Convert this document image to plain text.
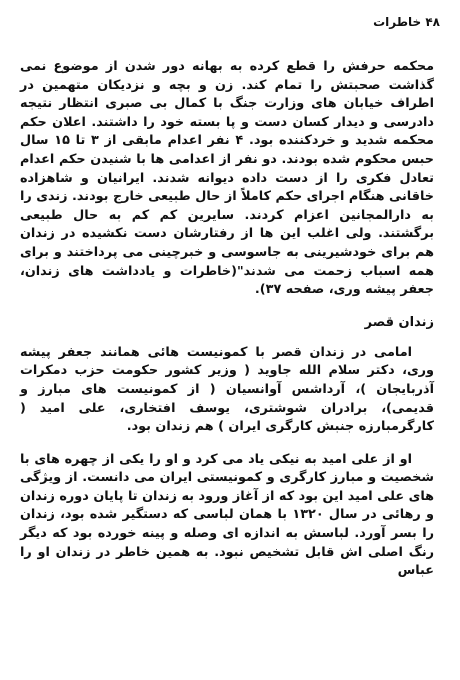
۴۸ خاطرات

محکمه حرفش را قطع کرده به بهانه دور شدن از موضوع نمی گذاشت صحبتش را تمام کند. زن و بچه و نزدیکان متهمین در اطراف خیابان های وزارت جنگ با کمال بی صبری انتظار نتیجه دادرسی و دیدار کسان دست و پا بسته خود را داشتند. اعلان حکم محکمه شدید و خردکننده بود. ۴ نفر اعدام مابقی از ۳ تا ۱۵ سال حبس محکوم شده بودند. دو نفر از اعدامی ها با شنیدن حکم اعدام تعادل فکری را از دست داده دیوانه شدند. ایرانیان و شاهزاده خاقانی هنگام اجرای حکم کاملاً از حال طبیعی خارج بودند. زندی را به دارالمجانین اعزام کردند. سایرین کم کم به حال طبیعی برگشتند. ولی اغلب این ها از رفتارشان دست نکشیده در زندان هم برای خودشیرینی به جاسوسی و خبرچینی می پرداختند و برای همه اسباب زحمت می شدند"(خاطرات و یادداشت های زندان، جعفر پیشه وری، صفحه ۳۷).

زندان قصر

امامی در زندان قصر با کمونیست هائی همانند جعفر پیشه وری، دکتر سلام الله جاوید ( وزیر کشور حکومت حزب دمکرات آذربایجان )، آرداشس آوانسیان ( از کمونیست های مبارز و قدیمی)، برادران شوشتری، یوسف افتخاری، علی امید ( کارگرمبارزه جنبش کارگری ایران ) هم زندان بود.

او از علی امید به نیکی یاد می کرد و او را یکی از چهره های با شخصیت و مبارز کارگری و کمونیستی ایران می دانست. از ویژگی های علی امید این بود که از آغاز ورود به زندان تا پایان دوره زندان و رهائی در سال ۱۳۲۰ با همان لباسی که دستگیر شده بود، زندان را بسر آورد. لباسش به اندازه ای وصله و پینه خورده بود که دیگر رنگ اصلی اش قابل تشخیص نبود. به همین خاطر در زندان او را عباس
